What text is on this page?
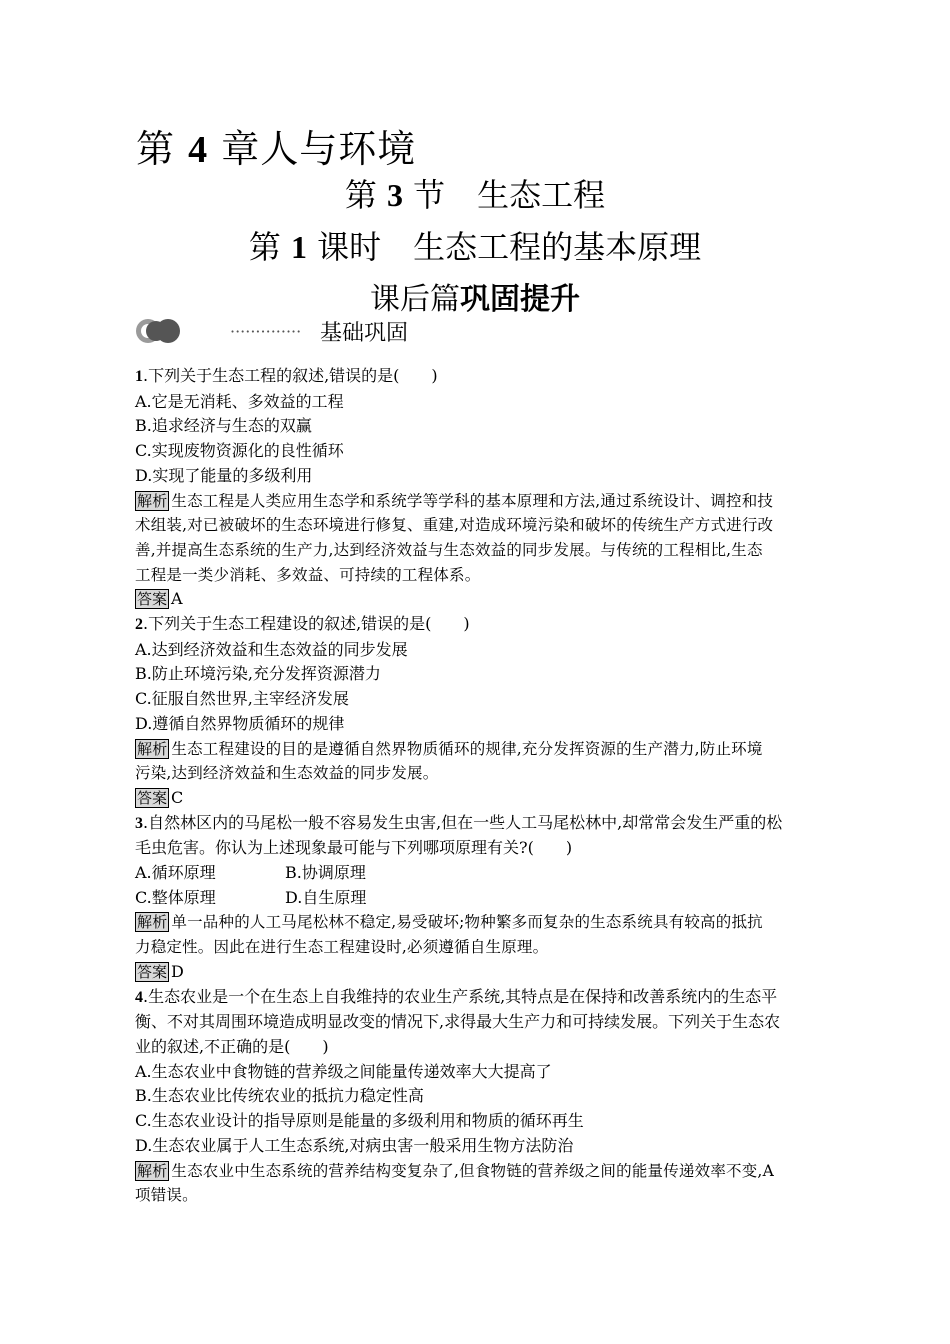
第 4 章人与环境
第 3 节　生态工程
第 1 课时　生态工程的基本原理
课后篇巩固提升
·············· 基础巩固
1.下列关于生态工程的叙述,错误的是(　　)
A.它是无消耗、多效益的工程
B.追求经济与生态的双赢
C.实现废物资源化的良性循环
D.实现了能量的多级利用
解析 生态工程是人类应用生态学和系统学等学科的基本原理和方法,通过系统设计、调控和技
术组装,对已被破坏的生态环境进行修复、重建,对造成环境污染和破坏的传统生产方式进行改
善,并提高生态系统的生产力,达到经济效益与生态效益的同步发展。与传统的工程相比,生态
工程是一类少消耗、多效益、可持续的工程体系。
答案 A
2.下列关于生态工程建设的叙述,错误的是(　　)
A.达到经济效益和生态效益的同步发展
B.防止环境污染,充分发挥资源潜力
C.征服自然世界,主宰经济发展
D.遵循自然界物质循环的规律
解析 生态工程建设的目的是遵循自然界物质循环的规律,充分发挥资源的生产潜力,防止环境
污染,达到经济效益和生态效益的同步发展。
答案 C
3.自然林区内的马尾松一般不容易发生虫害,但在一些人工马尾松林中,却常常会发生严重的松
毛虫危害。你认为上述现象最可能与下列哪项原理有关?(　　)
A.循环原理	B.协调原理
C.整体原理	D.自生原理
解析 单一品种的人工马尾松林不稳定,易受破坏;物种繁多而复杂的生态系统具有较高的抵抗
力稳定性。因此在进行生态工程建设时,必须遵循自生原理。
答案 D
4.生态农业是一个在生态上自我维持的农业生产系统,其特点是在保持和改善系统内的生态平
衡、不对其周围环境造成明显改变的情况下,求得最大生产力和可持续发展。下列关于生态农
业的叙述,不正确的是(　　)
A.生态农业中食物链的营养级之间能量传递效率大大提高了
B.生态农业比传统农业的抵抗力稳定性高
C.生态农业设计的指导原则是能量的多级利用和物质的循环再生
D.生态农业属于人工生态系统,对病虫害一般采用生物方法防治
解析 生态农业中生态系统的营养结构变复杂了,但食物链的营养级之间的能量传递效率不变,A
项错误。
